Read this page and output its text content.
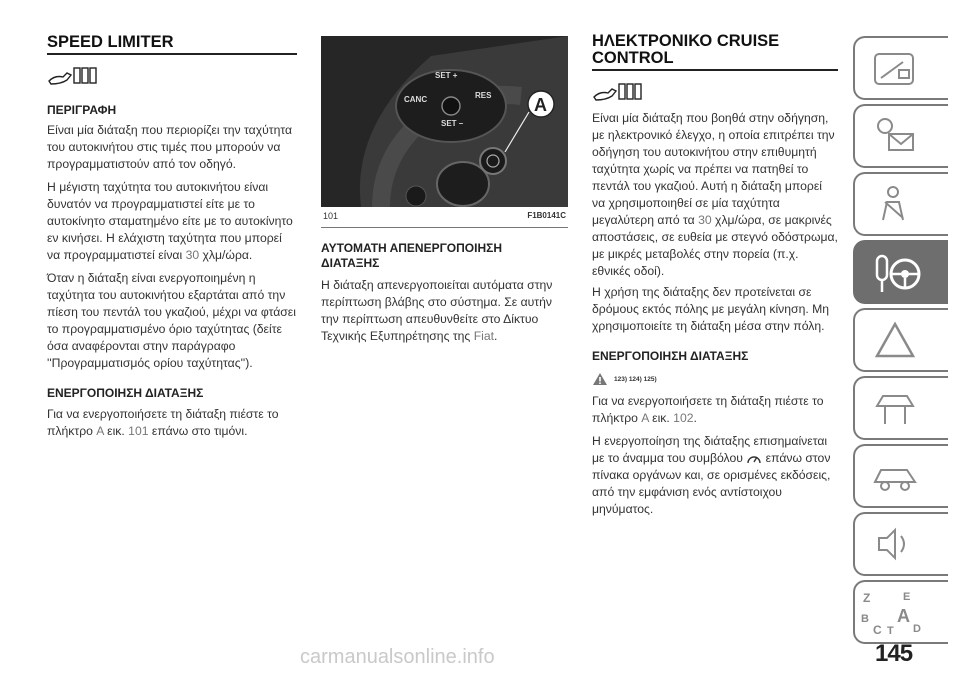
SPEED LIMITER

ΠΕΡΙΓΡΑΦΗ

Είναι μία διάταξη που περιορίζει την ταχύτητα του αυτοκινήτου στις τιμές που μπορούν να προγραμματιστούν από τον οδηγό.

Η μέγιστη ταχύτητα του αυτοκινήτου είναι δυνατόν να προγραμματιστεί είτε με το αυτοκίνητο σταματημένο είτε με το αυτοκίνητο εν κινήσει. Η ελάχιστη ταχύτητα που μπορεί να προγραμματιστεί είναι 30 χλμ/ώρα.

Όταν η διάταξη είναι ενεργοποιημένη η ταχύτητα του αυτοκινήτου εξαρτάται από την πίεση του πεντάλ του γκαζιού, μέχρι να φτάσει το προγραμματισμένο όριο ταχύτητας (δείτε όσα αναφέρονται στην παράγραφο ''Προγραμματισμός ορίου ταχύτητας'').

ΕΝΕΡΓΟΠΟΙΗΣΗ ΔΙΑΤΑΞΗΣ

Για να ενεργοποιήσετε τη διάταξη πιέστε το πλήκτρο A εικ. 101 επάνω στο τιμόνι.

SET +
CANC	RES
SET –
A
101	F1B0141C

ΑΥΤΟΜΑΤΗ ΑΠΕΝΕΡΓΟΠΟΙΗΣΗ ΔΙΑΤΑΞΗΣ

Η διάταξη απενεργοποιείται αυτόματα στην περίπτωση βλάβης στο σύστημα. Σε αυτήν την περίπτωση απευθυνθείτε στο Δίκτυο Τεχνικής Εξυπηρέτησης της Fiat.

ΗΛΕΚΤΡΟΝΙΚΟ CRUISE CONTROL

Είναι μία διάταξη που βοηθά στην οδήγηση, με ηλεκτρονικό έλεγχο, η οποία επιτρέπει την οδήγηση του αυτοκινήτου στην επιθυμητή ταχύτητα χωρίς να πρέπει να πατηθεί το πεντάλ του γκαζιού. Αυτή η διάταξη μπορεί να χρησιμοποιηθεί σε μία ταχύτητα μεγαλύτερη από τα 30 χλμ/ώρα, σε μακρινές αποστάσεις, σε ευθεία με στεγνό οδόστρωμα, με μικρές μεταβολές στην πορεία (π.χ. εθνικές οδοί).

Η χρήση της διάταξης δεν προτείνεται σε δρόμους εκτός πόλης με μεγάλη κίνηση. Μη χρησιμοποιείτε τη διάταξη μέσα στην πόλη.

ΕΝΕΡΓΟΠΟΙΗΣΗ ΔΙΑΤΑΞΗΣ

123) 124) 125)

Για να ενεργοποιήσετε τη διάταξη πιέστε το πλήκτρο A εικ. 102.

Η ενεργοποίηση της διάταξης επισημαίνεται με το άναμμα του συμβόλου  επάνω στον πίνακα οργάνων και, σε ορισμένες εκδόσεις, από την εμφάνιση ενός αντίστοιχου μηνύματος.

Z	E
B A
C T D
145
carmanualsonline.info
